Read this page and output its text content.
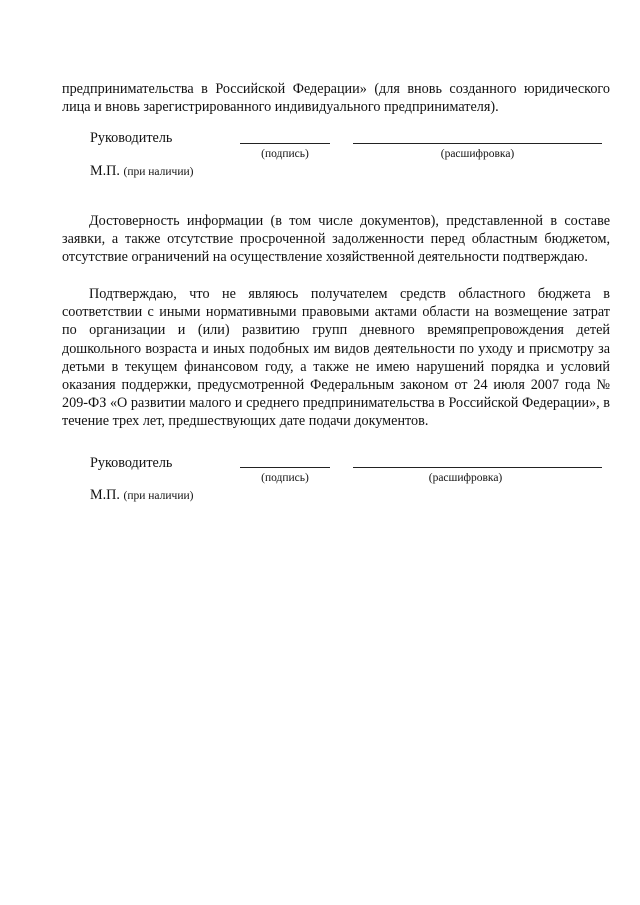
предпринимательства в Российской Федерации» (для вновь созданного юридического лица и вновь зарегистрированного индивидуального предпринимателя).

Руководитель
(подпись)	(расшифровка)
М.П. (при наличии)

Достоверность информации (в том числе документов), представленной в составе заявки, а также отсутствие просроченной задолженности перед областным бюджетом, отсутствие ограничений на осуществление хозяйственной деятельности подтверждаю.

Подтверждаю, что не являюсь получателем средств областного бюджета в соответствии с иными нормативными правовыми актами области на возмещение затрат по организации и (или) развитию групп дневного времяпрепровождения детей дошкольного возраста и иных подобных им видов деятельности по уходу и присмотру за детьми в текущем финансовом году, а также не имею нарушений порядка и условий оказания поддержки, предусмотренной Федеральным законом от 24 июля 2007 года № 209-ФЗ «О развитии малого и среднего предпринимательства в Российской Федерации», в течение трех лет, предшествующих дате подачи документов.

Руководитель
(подпись)	(расшифровка)
М.П. (при наличии)
